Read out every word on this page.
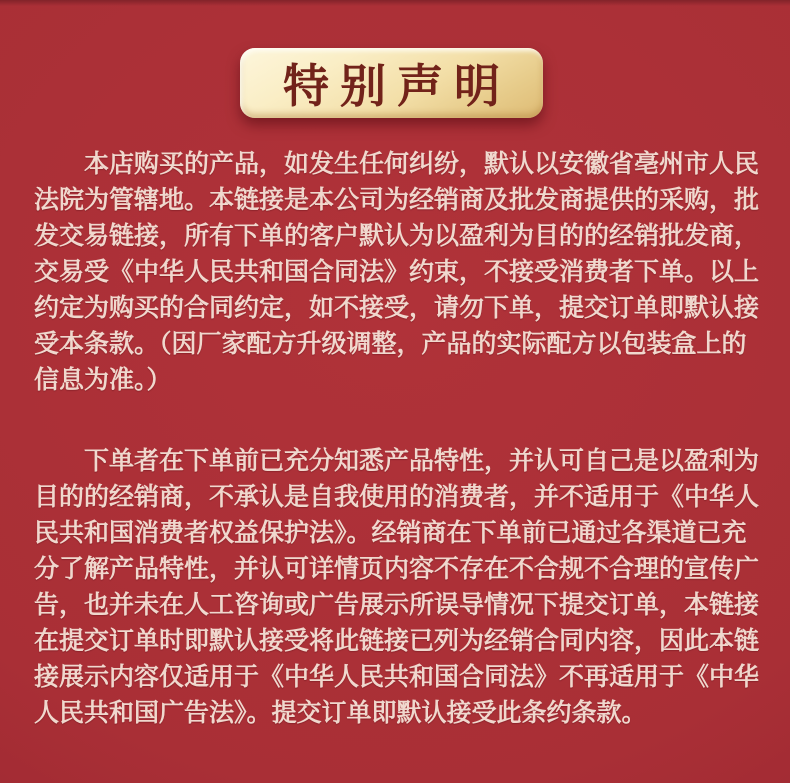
特别声明
本店购买的产品，如发生任何纠纷，默认以安徽省亳州市人民
法院为管辖地。本链接是本公司为经销商及批发商提供的采购，批
发交易链接，所有下单的客户默认为以盈利为目的的经销批发商，
交易受《中华人民共和国合同法》约束，不接受消费者下单。以上
约定为购买的合同约定，如不接受，请勿下单，提交订单即默认接
受本条款。（因厂家配方升级调整，产品的实际配方以包装盒上的
信息为准。）
下单者在下单前已充分知悉产品特性，并认可自己是以盈利为
目的的经销商，不承认是自我使用的消费者，并不适用于《中华人
民共和国消费者权益保护法》。经销商在下单前已通过各渠道已充
分了解产品特性，并认可详情页内容不存在不合规不合理的宣传广
告，也并未在人工咨询或广告展示所误导情况下提交订单，本链接
在提交订单时即默认接受将此链接已列为经销合同内容，因此本链
接展示内容仅适用于《中华人民共和国合同法》不再适用于《中华
人民共和国广告法》。提交订单即默认接受此条约条款。
